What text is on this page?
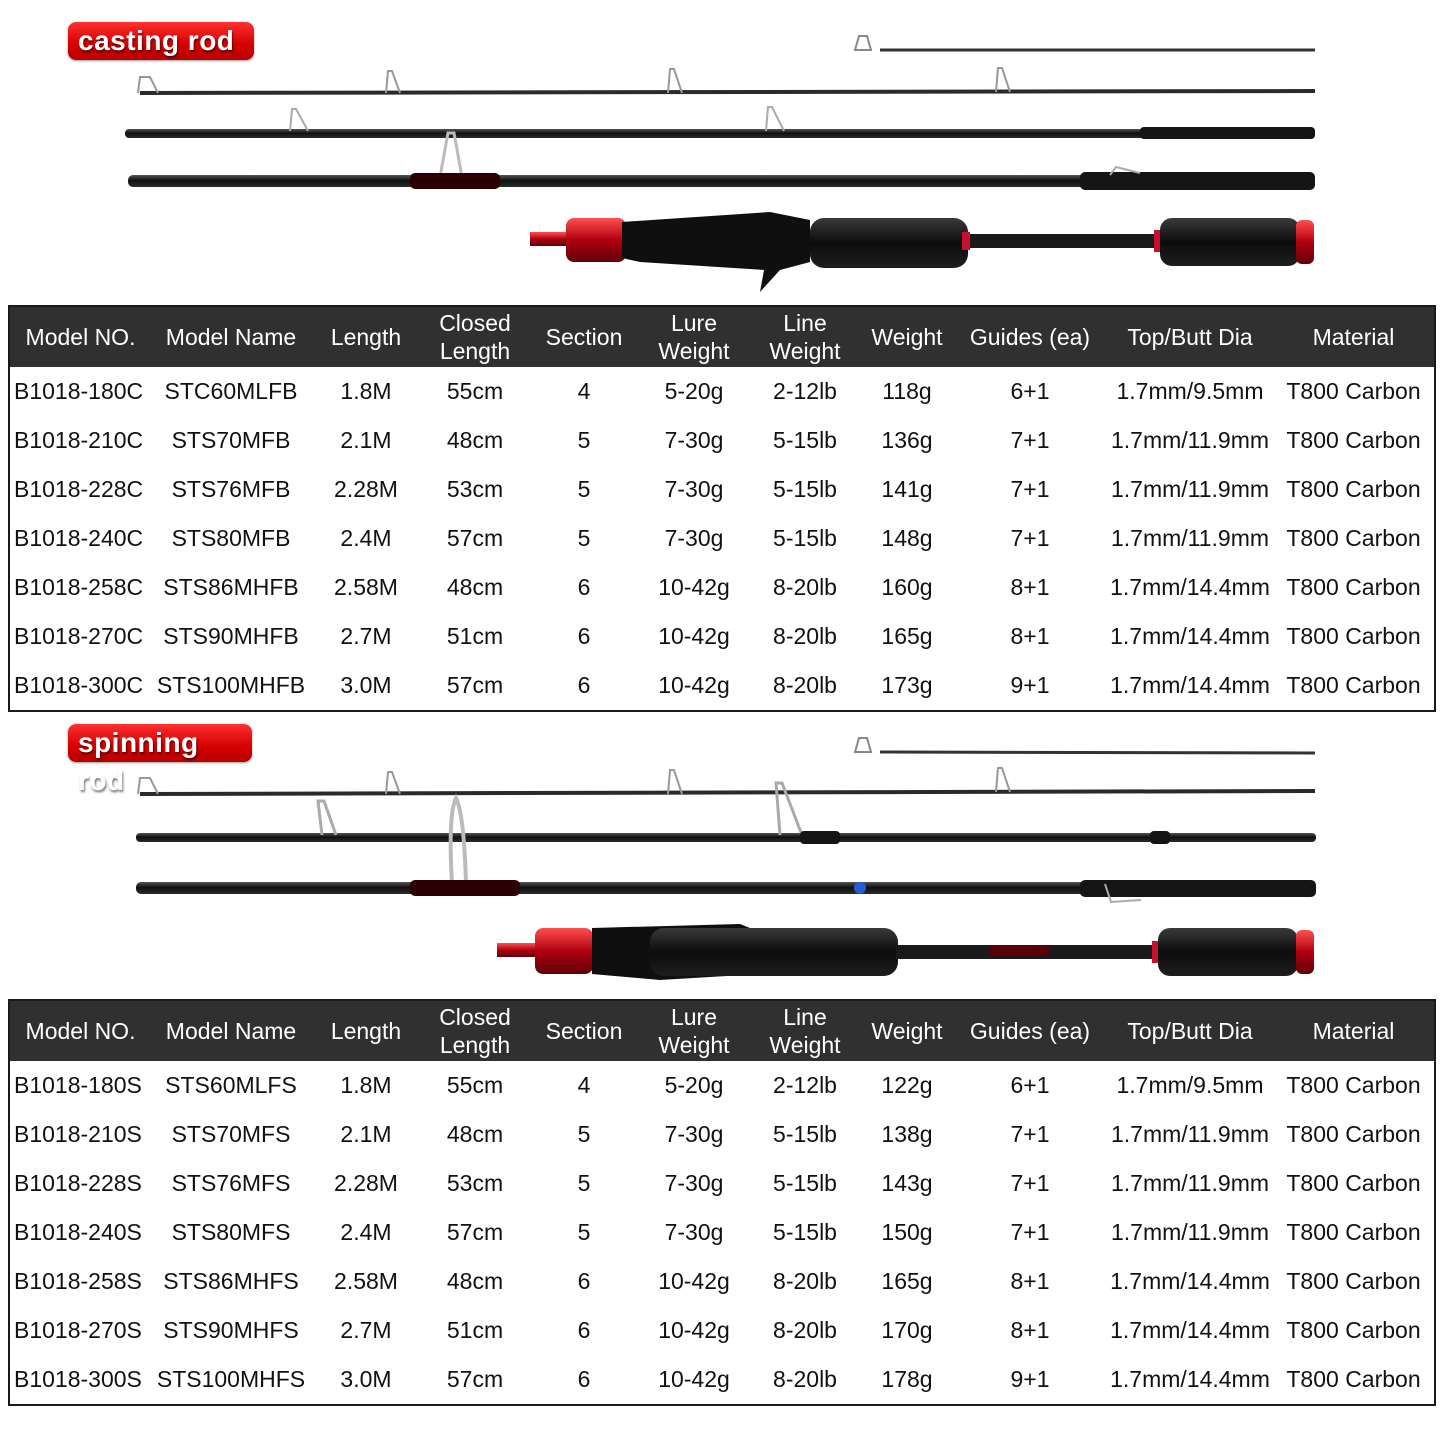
casting rod
Model NO.	Model Name	Length	Closed Length	Section	Lure Weight	Line Weight	Weight	Guides (ea)	Top/Butt Dia	Material
B1018-180C	STC60MLFB	1.8M	55cm	4	5-20g	2-12lb	118g	6+1	1.7mm/9.5mm	T800 Carbon
B1018-210C	STS70MFB	2.1M	48cm	5	7-30g	5-15lb	136g	7+1	1.7mm/11.9mm	T800 Carbon
B1018-228C	STS76MFB	2.28M	53cm	5	7-30g	5-15lb	141g	7+1	1.7mm/11.9mm	T800 Carbon
B1018-240C	STS80MFB	2.4M	57cm	5	7-30g	5-15lb	148g	7+1	1.7mm/11.9mm	T800 Carbon
B1018-258C	STS86MHFB	2.58M	48cm	6	10-42g	8-20lb	160g	8+1	1.7mm/14.4mm	T800 Carbon
B1018-270C	STS90MHFB	2.7M	51cm	6	10-42g	8-20lb	165g	8+1	1.7mm/14.4mm	T800 Carbon
B1018-300C	STS100MHFB	3.0M	57cm	6	10-42g	8-20lb	173g	9+1	1.7mm/14.4mm	T800 Carbon
spinning rod
Model NO.	Model Name	Length	Closed Length	Section	Lure Weight	Line Weight	Weight	Guides (ea)	Top/Butt Dia	Material
B1018-180S	STS60MLFS	1.8M	55cm	4	5-20g	2-12lb	122g	6+1	1.7mm/9.5mm	T800 Carbon
B1018-210S	STS70MFS	2.1M	48cm	5	7-30g	5-15lb	138g	7+1	1.7mm/11.9mm	T800 Carbon
B1018-228S	STS76MFS	2.28M	53cm	5	7-30g	5-15lb	143g	7+1	1.7mm/11.9mm	T800 Carbon
B1018-240S	STS80MFS	2.4M	57cm	5	7-30g	5-15lb	150g	7+1	1.7mm/11.9mm	T800 Carbon
B1018-258S	STS86MHFS	2.58M	48cm	6	10-42g	8-20lb	165g	8+1	1.7mm/14.4mm	T800 Carbon
B1018-270S	STS90MHFS	2.7M	51cm	6	10-42g	8-20lb	170g	8+1	1.7mm/14.4mm	T800 Carbon
B1018-300S	STS100MHFS	3.0M	57cm	6	10-42g	8-20lb	178g	9+1	1.7mm/14.4mm	T800 Carbon
